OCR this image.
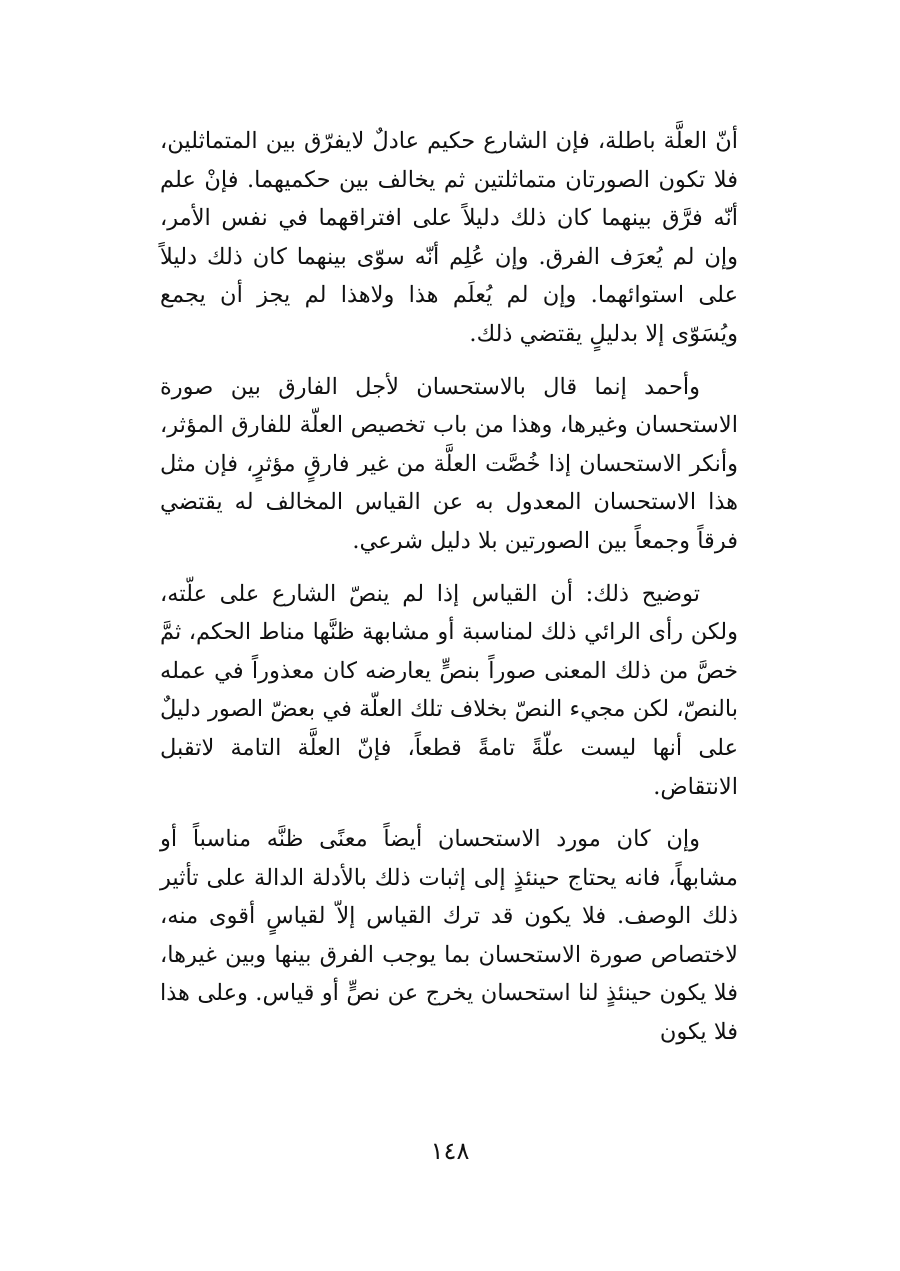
أنّ العلَّة باطلة، فإن الشارع حكيم عادلٌ لايفرّق بين المتماثلين، فلا تكون الصورتان متماثلتين ثم يخالف بين حكميهما. فإنْ علم أنّه فرَّق بينهما كان ذلك دليلاً على افتراقهما في نفس الأمر، وإن لم يُعرَف الفرق. وإن عُلِم أنّه سوّى بينهما كان ذلك دليلاً على استوائهما. وإن لم يُعلَم هذا ولاهذا لم يجز أن يجمع ويُسَوّى إلا بدليلٍ يقتضي ذلك.

وأحمد إنما قال بالاستحسان لأجل الفارق بين صورة الاستحسان وغيرها، وهذا من باب تخصيص العلّة للفارق المؤثر، وأنكر الاستحسان إذا خُصَّت العلَّة من غير فارقٍ مؤثرٍ، فإن مثل هذا الاستحسان المعدول به عن القياس المخالف له يقتضي فرقاً وجمعاً بين الصورتين بلا دليل شرعي.

توضيح ذلك: أن القياس إذا لم ينصّ الشارع على علّته، ولكن رأى الرائي ذلك لمناسبة أو مشابهة ظنَّها مناط الحكم، ثمَّ خصَّ من ذلك المعنى صوراً بنصٍّ يعارضه كان معذوراً في عمله بالنصّ، لكن مجيء النصّ بخلاف تلك العلّة في بعضّ الصور دليلٌ على أنها ليست علّةً تامةً قطعاً، فإنّ العلَّة التامة لاتقبل الانتقاض.

وإن كان مورد الاستحسان أيضاً معنًى ظنَّه مناسباً أو مشابهاً، فانه يحتاج حينئذٍ إلى إثبات ذلك بالأدلة الدالة على تأثير ذلك الوصف. فلا يكون قد ترك القياس إلاّ لقياسٍ أقوى منه، لاختصاص صورة الاستحسان بما يوجب الفرق بينها وبين غيرها، فلا يكون حينئذٍ لنا استحسان يخرج عن نصٍّ أو قياس. وعلى هذا فلا يكون

١٤٨
